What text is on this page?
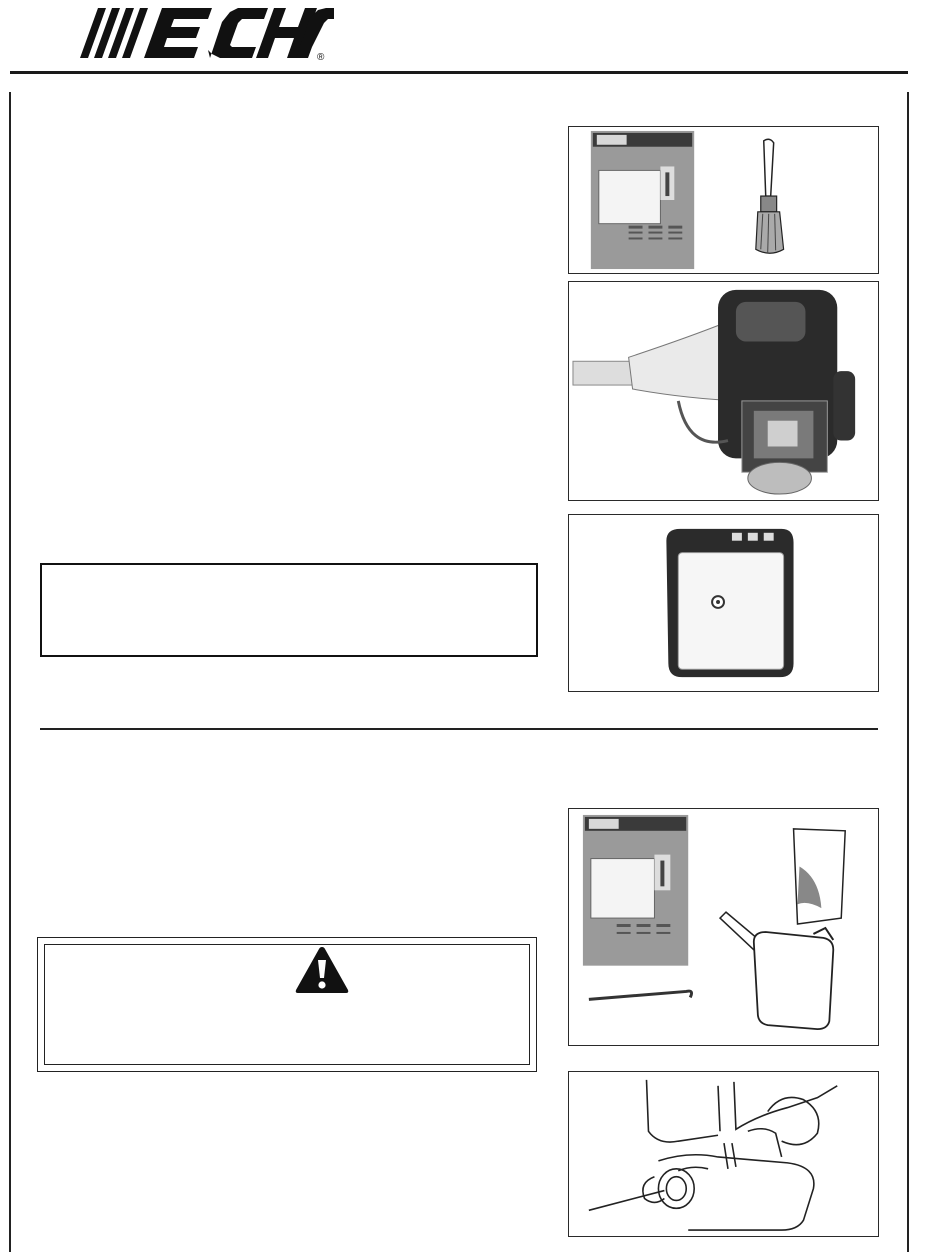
®
